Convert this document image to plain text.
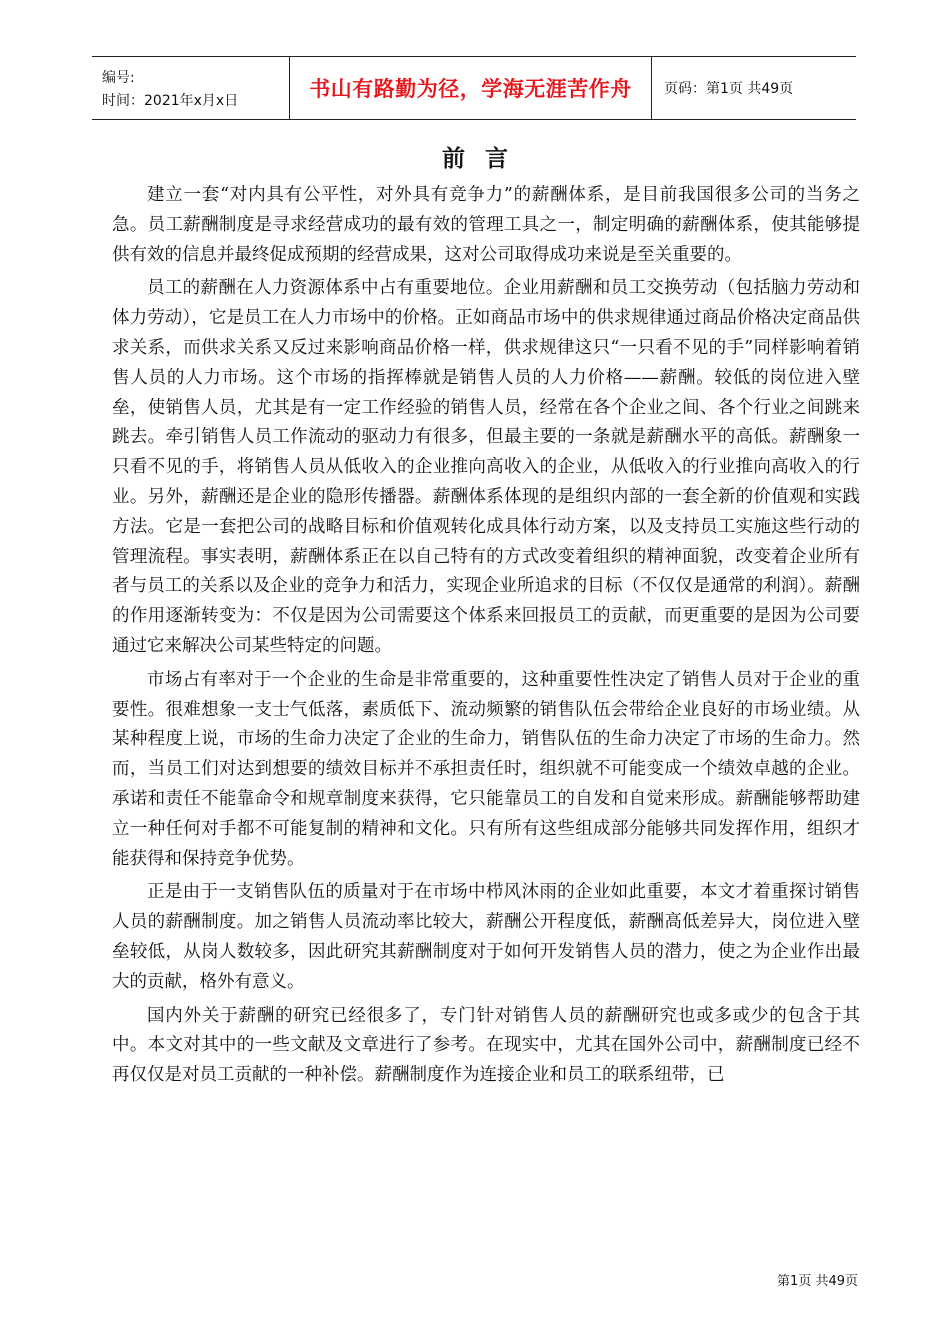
编号:
时间：2021年x月x日	书山有路勤为径，学海无涯苦作舟	页码：第1页 共49页
前言

建立一套“对内具有公平性，对外具有竞争力”的薪酬体系，是目前我国很多公司的当务之急。员工薪酬制度是寻求经营成功的最有效的管理工具之一，制定明确的薪酬体系，使其能够提供有效的信息并最终促成预期的经营成果，这对公司取得成功来说是至关重要的。

员工的薪酬在人力资源体系中占有重要地位。企业用薪酬和员工交换劳动（包括脑力劳动和体力劳动），它是员工在人力市场中的价格。正如商品市场中的供求规律通过商品价格决定商品供求关系，而供求关系又反过来影响商品价格一样，供求规律这只“一只看不见的手”同样影响着销售人员的人力市场。这个市场的指挥棒就是销售人员的人力价格——薪酬。较低的岗位进入壁垒，使销售人员，尤其是有一定工作经验的销售人员，经常在各个企业之间、各个行业之间跳来跳去。牵引销售人员工作流动的驱动力有很多，但最主要的一条就是薪酬水平的高低。薪酬象一只看不见的手，将销售人员从低收入的企业推向高收入的企业，从低收入的行业推向高收入的行业。另外，薪酬还是企业的隐形传播器。薪酬体系体现的是组织内部的一套全新的价值观和实践方法。它是一套把公司的战略目标和价值观转化成具体行动方案，以及支持员工实施这些行动的管理流程。事实表明，薪酬体系正在以自己特有的方式改变着组织的精神面貌，改变着企业所有者与员工的关系以及企业的竞争力和活力，实现企业所追求的目标（不仅仅是通常的利润）。薪酬的作用逐渐转变为：不仅是因为公司需要这个体系来回报员工的贡献，而更重要的是因为公司要通过它来解决公司某些特定的问题。

市场占有率对于一个企业的生命是非常重要的，这种重要性性决定了销售人员对于企业的重要性。很难想象一支士气低落，素质低下、流动频繁的销售队伍会带给企业良好的市场业绩。从某种程度上说，市场的生命力决定了企业的生命力，销售队伍的生命力决定了市场的生命力。然而，当员工们对达到想要的绩效目标并不承担责任时，组织就不可能变成一个绩效卓越的企业。承诺和责任不能靠命令和规章制度来获得，它只能靠员工的自发和自觉来形成。薪酬能够帮助建立一种任何对手都不可能复制的精神和文化。只有所有这些组成部分能够共同发挥作用，组织才能获得和保持竞争优势。

正是由于一支销售队伍的质量对于在市场中栉风沐雨的企业如此重要，本文才着重探讨销售人员的薪酬制度。加之销售人员流动率比较大，薪酬公开程度低，薪酬高低差异大，岗位进入壁垒较低，从岗人数较多，因此研究其薪酬制度对于如何开发销售人员的潜力，使之为企业作出最大的贡献，格外有意义。

国内外关于薪酬的研究已经很多了，专门针对销售人员的薪酬研究也或多或少的包含于其中。本文对其中的一些文献及文章进行了参考。在现实中，尤其在国外公司中，薪酬制度已经不再仅仅是对员工贡献的一种补偿。薪酬制度作为连接企业和员工的联系纽带，已

第1页 共49页
